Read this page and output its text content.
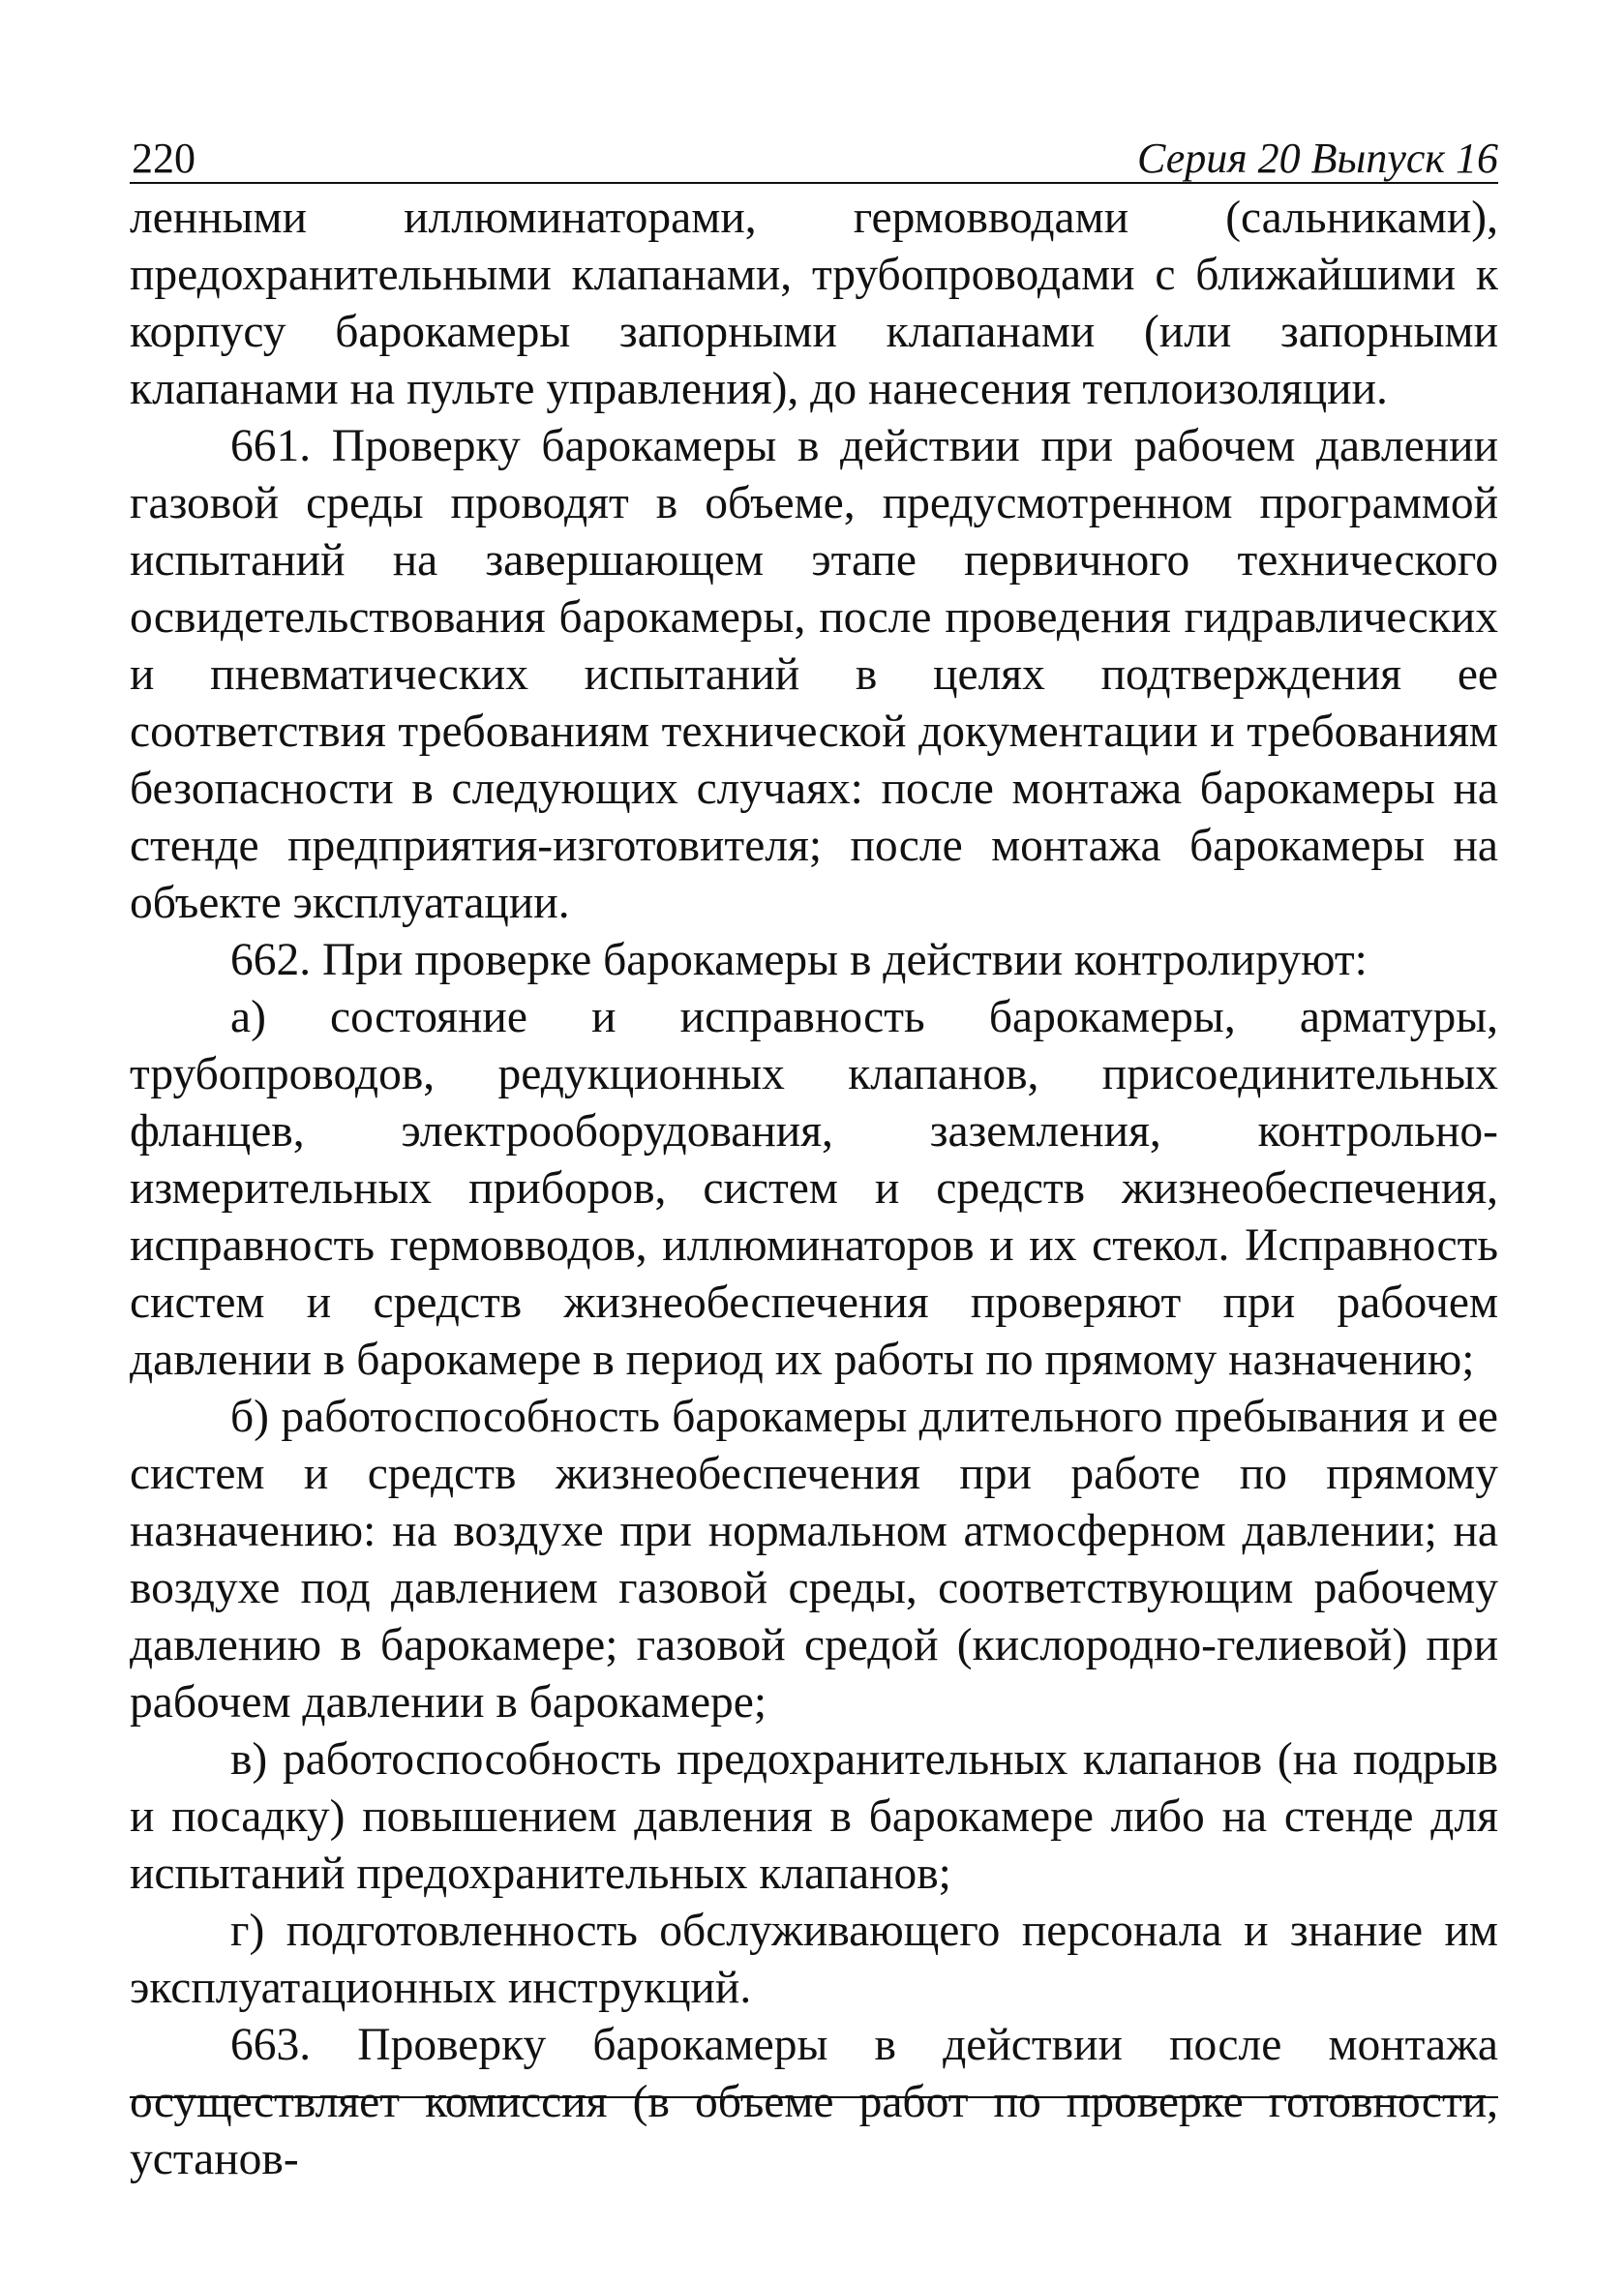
220	Серия 20 Выпуск 16

ленными иллюминаторами, гермовводами (сальниками), предохранительными клапанами, трубопроводами с ближайшими к корпусу барокамеры запорными клапанами (или запорными клапанами на пульте управления), до нанесения теплоизоляции.

661. Проверку барокамеры в действии при рабочем давлении газовой среды проводят в объеме, предусмотренном программой испытаний на завершающем этапе первичного технического освидетельствования барокамеры, после проведения гидравлических и пневматических испытаний в целях подтверждения ее соответствия требованиям технической документации и требованиям безопасности в следующих случаях: после монтажа барокамеры на стенде предприятия-изготовителя; после монтажа барокамеры на объекте эксплуатации.

662. При проверке барокамеры в действии контролируют:

а) состояние и исправность барокамеры, арматуры, трубопроводов, редукционных клапанов, присоединительных фланцев, электрооборудования, заземления, контрольно-измерительных приборов, систем и средств жизнеобеспечения, исправность гермовводов, иллюминаторов и их стекол. Исправность систем и средств жизнеобеспечения проверяют при рабочем давлении в барокамере в период их работы по прямому назначению;

б) работоспособность барокамеры длительного пребывания и ее систем и средств жизнеобеспечения при работе по прямому назначению: на воздухе при нормальном атмосферном давлении; на воздухе под давлением газовой среды, соответствующим рабочему давлению в барокамере; газовой средой (кислородно-гелиевой) при рабочем давлении в барокамере;

в) работоспособность предохранительных клапанов (на подрыв и посадку) повышением давления в барокамере либо на стенде для испытаний предохранительных клапанов;

г) подготовленность обслуживающего персонала и знание им эксплуатационных инструкций.

663. Проверку барокамеры в действии после монтажа осуществляет комиссия (в объеме работ по проверке готовности, установ-
